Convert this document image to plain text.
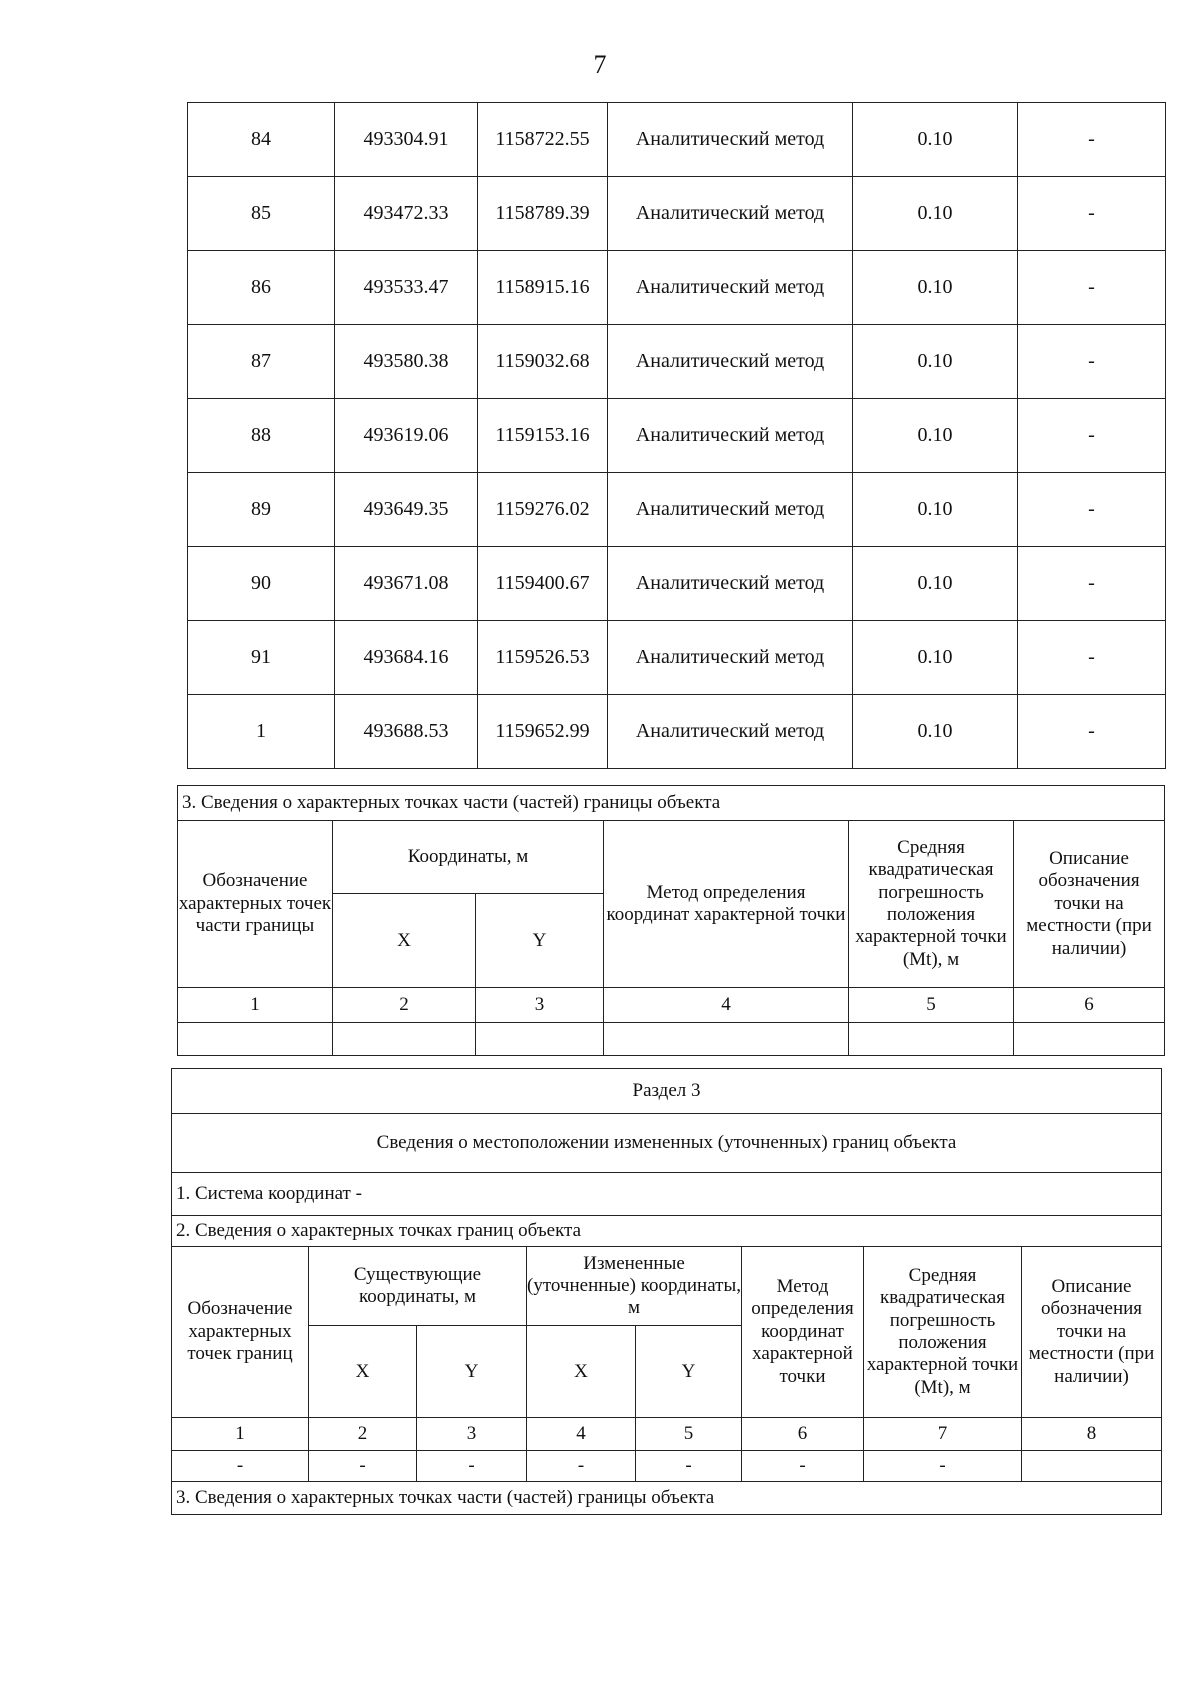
7
84	493304.91	1158722.55	Аналитический метод	0.10	-
85	493472.33	1158789.39	Аналитический метод	0.10	-
86	493533.47	1158915.16	Аналитический метод	0.10	-
87	493580.38	1159032.68	Аналитический метод	0.10	-
88	493619.06	1159153.16	Аналитический метод	0.10	-
89	493649.35	1159276.02	Аналитический метод	0.10	-
90	493671.08	1159400.67	Аналитический метод	0.10	-
91	493684.16	1159526.53	Аналитический метод	0.10	-
1	493688.53	1159652.99	Аналитический метод	0.10	-
3. Сведения о характерных точках части (частей) границы объекта					
Обозначение характерных точек части границы	Координаты, м		Метод определения координат характерной точки	Средняя квадратическая погрешность положения характерной точки (Mt), м	Описание обозначения точки на местности (при наличии)
	X	Y			
1	2	3	4	5	6

Раздел 3							
Сведения о местоположении измененных (уточненных) границ объекта							
1. Система координат -							
2. Сведения о характерных точках границ объекта							
Обозначение характерных точек границ	Существующие координаты, м		Измененные (уточненные) координаты, м		Метод определения координат характерной точки	Средняя квадратическая погрешность положения характерной точки (Mt), м	Описание обозначения точки на местности (при наличии)
	X	Y	X	Y			
1	2	3	4	5	6	7	8
-	-	-	-	-	-	-	
3. Сведения о характерных точках части (частей) границы объекта							
